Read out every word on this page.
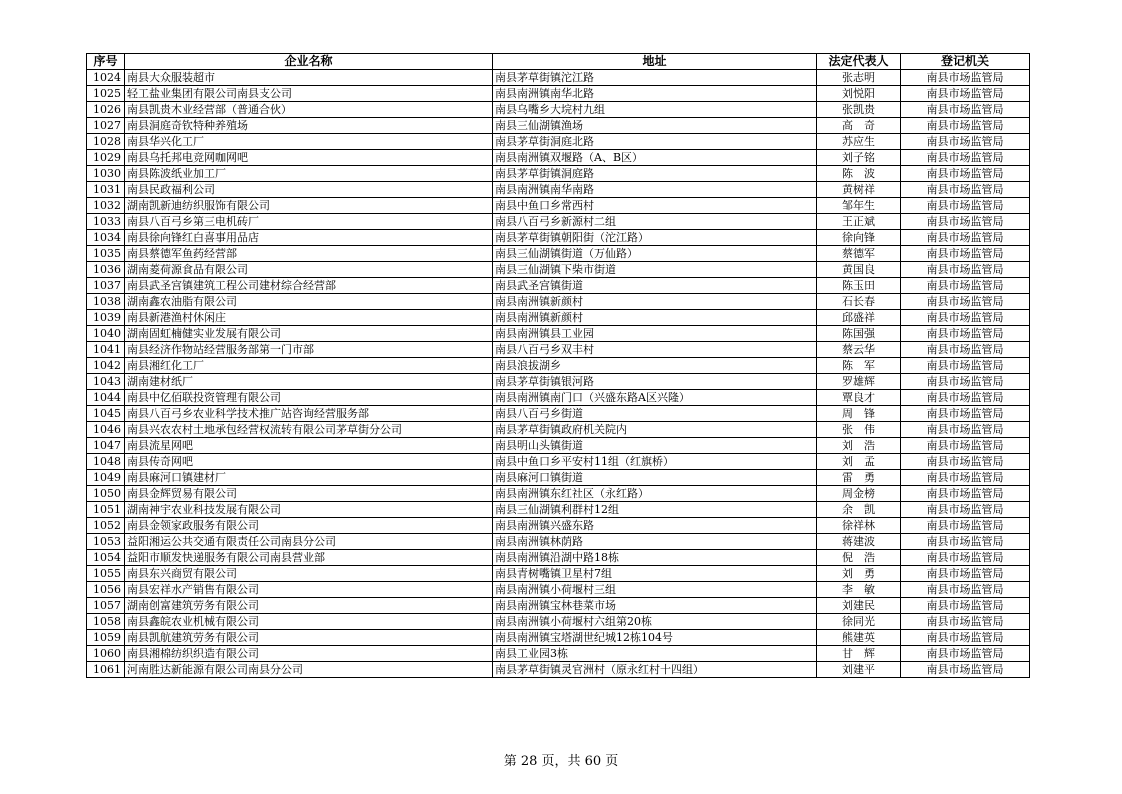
序号	企业名称	地址	法定代表人	登记机关
1024	南县大众服装超市	南县茅草街镇沱江路	张志明	南县市场监管局
1025	轻工盐业集团有限公司南县支公司	南县南洲镇南华北路	刘悦阳	南县市场监管局
1026	南县凯贵木业经营部（普通合伙）	南县乌嘴乡大垸村九组	张凯贵	南县市场监管局
1027	南县洞庭奇钦特种养殖场	南县三仙湖镇渔场	高　奇	南县市场监管局
1028	南县华兴化工厂	南县茅草街洞庭北路	苏应生	南县市场监管局
1029	南县乌托邦电竞网咖网吧	南县南洲镇双堰路（A、B区）	刘子铭	南县市场监管局
1030	南县陈波纸业加工厂	南县茅草街镇洞庭路	陈　波	南县市场监管局
1031	南县民政福利公司	南县南洲镇南华南路	黄树祥	南县市场监管局
1032	湖南凯新迪纺织服饰有限公司	南县中鱼口乡常西村	邹年生	南县市场监管局
1033	南县八百弓乡第三电机砖厂	南县八百弓乡新源村二组	王正斌	南县市场监管局
1034	南县徐向锋红白喜事用品店	南县茅草街镇朝阳街（沱江路）	徐向锋	南县市场监管局
1035	南县蔡德军鱼药经营部	南县三仙湖镇街道（万仙路）	蔡德军	南县市场监管局
1036	湖南菱荷源食品有限公司	南县三仙湖镇下柴市街道	黄国良	南县市场监管局
1037	南县武圣宫镇建筑工程公司建材综合经营部	南县武圣宫镇街道	陈玉田	南县市场监管局
1038	湖南鑫农油脂有限公司	南县南洲镇新颜村	石长春	南县市场监管局
1039	南县新港渔村休闲庄	南县南洲镇新颜村	邱盛祥	南县市场监管局
1040	湖南固虹楠健实业发展有限公司	南县南洲镇县工业园	陈国强	南县市场监管局
1041	南县经济作物站经营服务部第一门市部	南县八百弓乡双丰村	蔡云华	南县市场监管局
1042	南县湘红化工厂	南县浪拔湖乡	陈　军	南县市场监管局
1043	湖南建材纸厂	南县茅草街镇银河路	罗雄辉	南县市场监管局
1044	南县中亿佰联投资管理有限公司	南县南洲镇南门口（兴盛东路A区兴隆）	覃良才	南县市场监管局
1045	南县八百弓乡农业科学技术推广站咨询经营服务部	南县八百弓乡街道	周　锋	南县市场监管局
1046	南县兴农农村土地承包经营权流转有限公司茅草街分公司	南县茅草街镇政府机关院内	张　伟	南县市场监管局
1047	南县流星网吧	南县明山头镇街道	刘　浩	南县市场监管局
1048	南县传奇网吧	南县中鱼口乡平安村11组（红旗桥）	刘　孟	南县市场监管局
1049	南县麻河口镇建材厂	南县麻河口镇街道	雷　勇	南县市场监管局
1050	南县金辉贸易有限公司	南县南洲镇东红社区（永红路）	周金榜	南县市场监管局
1051	湖南神宇农业科技发展有限公司	南县三仙湖镇利群村12组	余　凯	南县市场监管局
1052	南县金领家政服务有限公司	南县南洲镇兴盛东路	徐祥林	南县市场监管局
1053	益阳湘运公共交通有限责任公司南县分公司	南县南洲镇林荫路	蒋建波	南县市场监管局
1054	益阳市顺发快递服务有限公司南县营业部	南县南洲镇沿湖中路18栋	倪　浩	南县市场监管局
1055	南县东兴商贸有限公司	南县青树嘴镇卫星村7组	刘　勇	南县市场监管局
1056	南县宏祥水产销售有限公司	南县南洲镇小荷堰村三组	李　敏	南县市场监管局
1057	湖南创富建筑劳务有限公司	南县南洲镇宝林巷菜市场	刘建民	南县市场监管局
1058	南县鑫皖农业机械有限公司	南县南洲镇小荷堰村六组第20栋	徐同光	南县市场监管局
1059	南县凯航建筑劳务有限公司	南县南洲镇宝塔湖世纪城12栋104号	熊建英	南县市场监管局
1060	南县湘棉纺织织造有限公司	南县工业园3栋	甘　辉	南县市场监管局
1061	河南胜达新能源有限公司南县分公司	南县茅草街镇灵官洲村（原永红村十四组）	刘建平	南县市场监管局
第 28 页，共 60 页
